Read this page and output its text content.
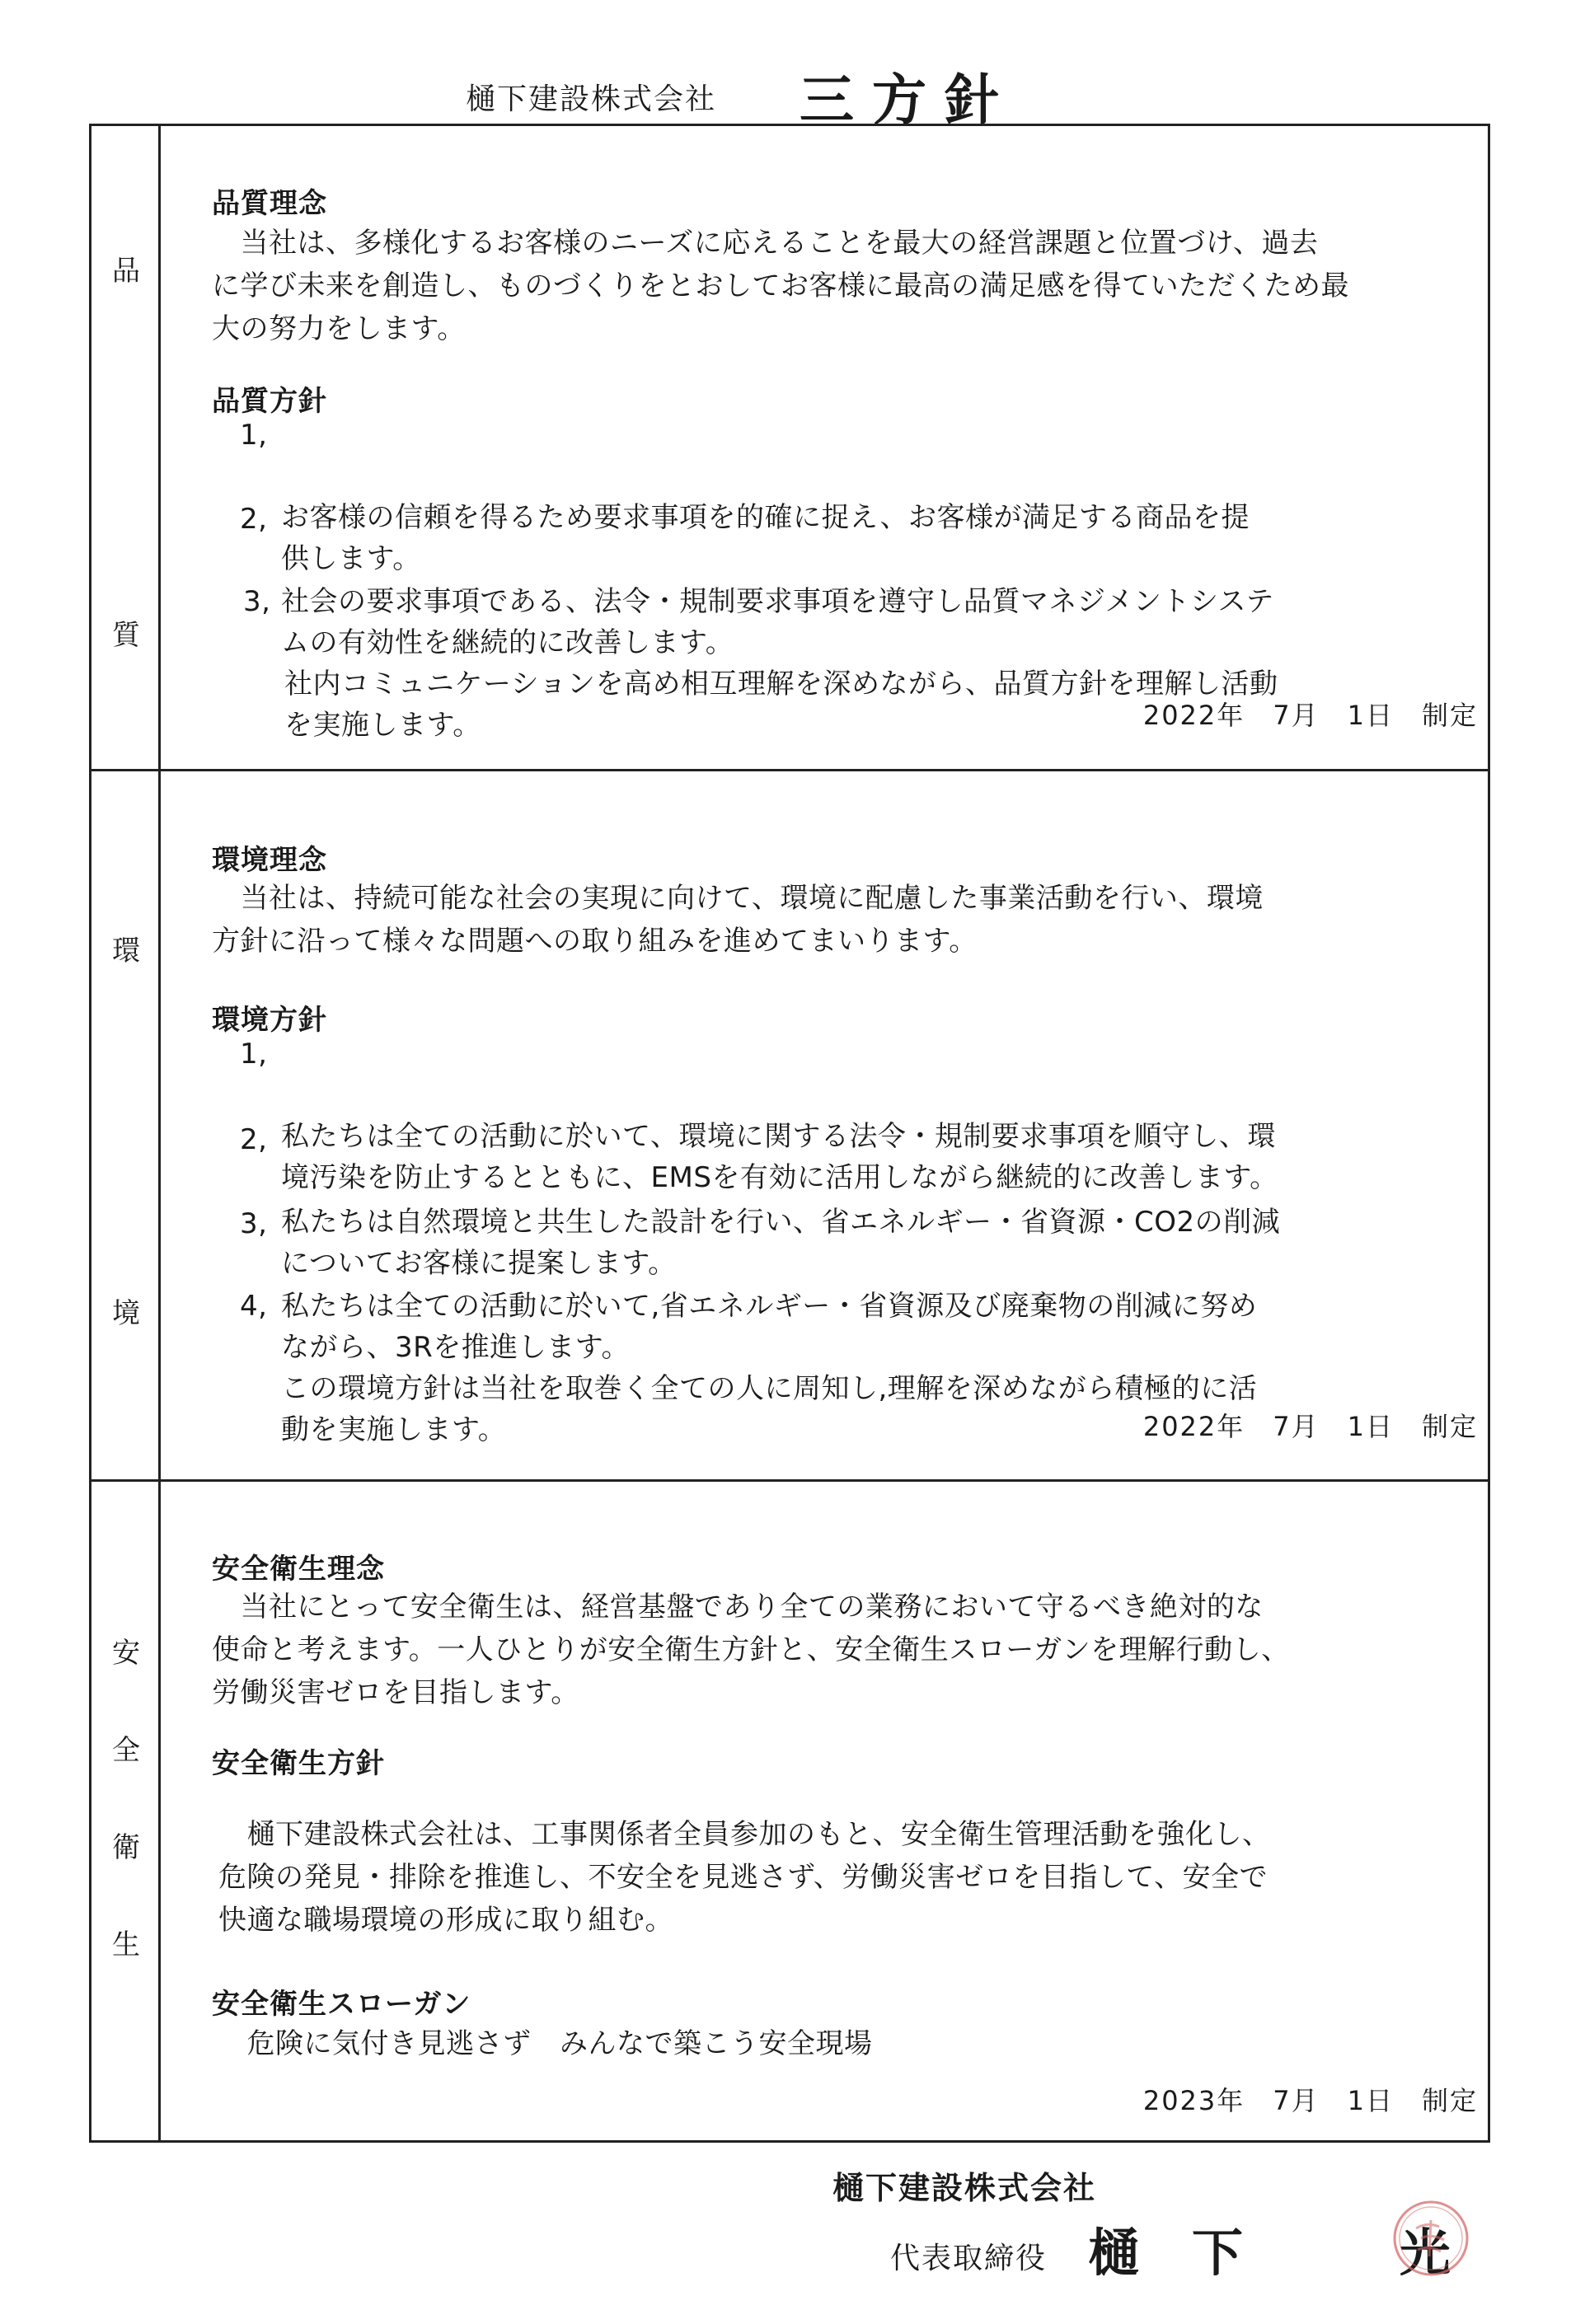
樋下建設株式会社 三方針
品
質
品質理念
　当社は、多様化するお客様のニーズに応えることを最大の経営課題と位置づけ、過去
に学び未来を創造し、ものづくりをとおしてお客様に最高の満足感を得ていただくため最
大の努力をします。
品質方針

1,

お客様の信頼を得るため要求事項を的確に捉え、お客様が満足する商品を提
供します。

2,

社会の要求事項である、法令・規制要求事項を遵守し品質マネジメントシステ
ムの有効性を継続的に改善します。

3,

社内コミュニケーションを高め相互理解を深めながら、品質方針を理解し活動
を実施します。	2022年　7月　1日　制定
環
境
環境理念
　当社は、持続可能な社会の実現に向けて、環境に配慮した事業活動を行い、環境
方針に沿って様々な問題への取り組みを進めてまいります。
環境方針

1,

私たちは全ての活動に於いて、環境に関する法令・規制要求事項を順守し、環
境汚染を防止するとともに、EMSを有効に活用しながら継続的に改善します。

2,

私たちは自然環境と共生した設計を行い、省エネルギー・省資源・CO2の削減
についてお客様に提案します。

3,

私たちは全ての活動に於いて,省エネルギー・省資源及び廃棄物の削減に努め
ながら、3Rを推進します。

4,

この環境方針は当社を取巻く全ての人に周知し,理解を深めながら積極的に活
動を実施します。	2022年　7月　1日　制定
安
全
衛
生
安全衛生理念
　当社にとって安全衛生は、経営基盤であり全ての業務において守るべき絶対的な
使命と考えます。一人ひとりが安全衛生方針と、安全衛生スローガンを理解行動し、
労働災害ゼロを目指します。
安全衛生方針
　樋下建設株式会社は、工事関係者全員参加のもと、安全衛生管理活動を強化し、
危険の発見・排除を推進し、不安全を見逃さず、労働災害ゼロを目指して、安全で
快適な職場環境の形成に取り組む。
安全衛生スローガン
　危険に気付き見逃さず　みんなで築こう安全現場
2023年　7月　1日　制定
樋下建設株式会社
代表取締役 樋下　光
